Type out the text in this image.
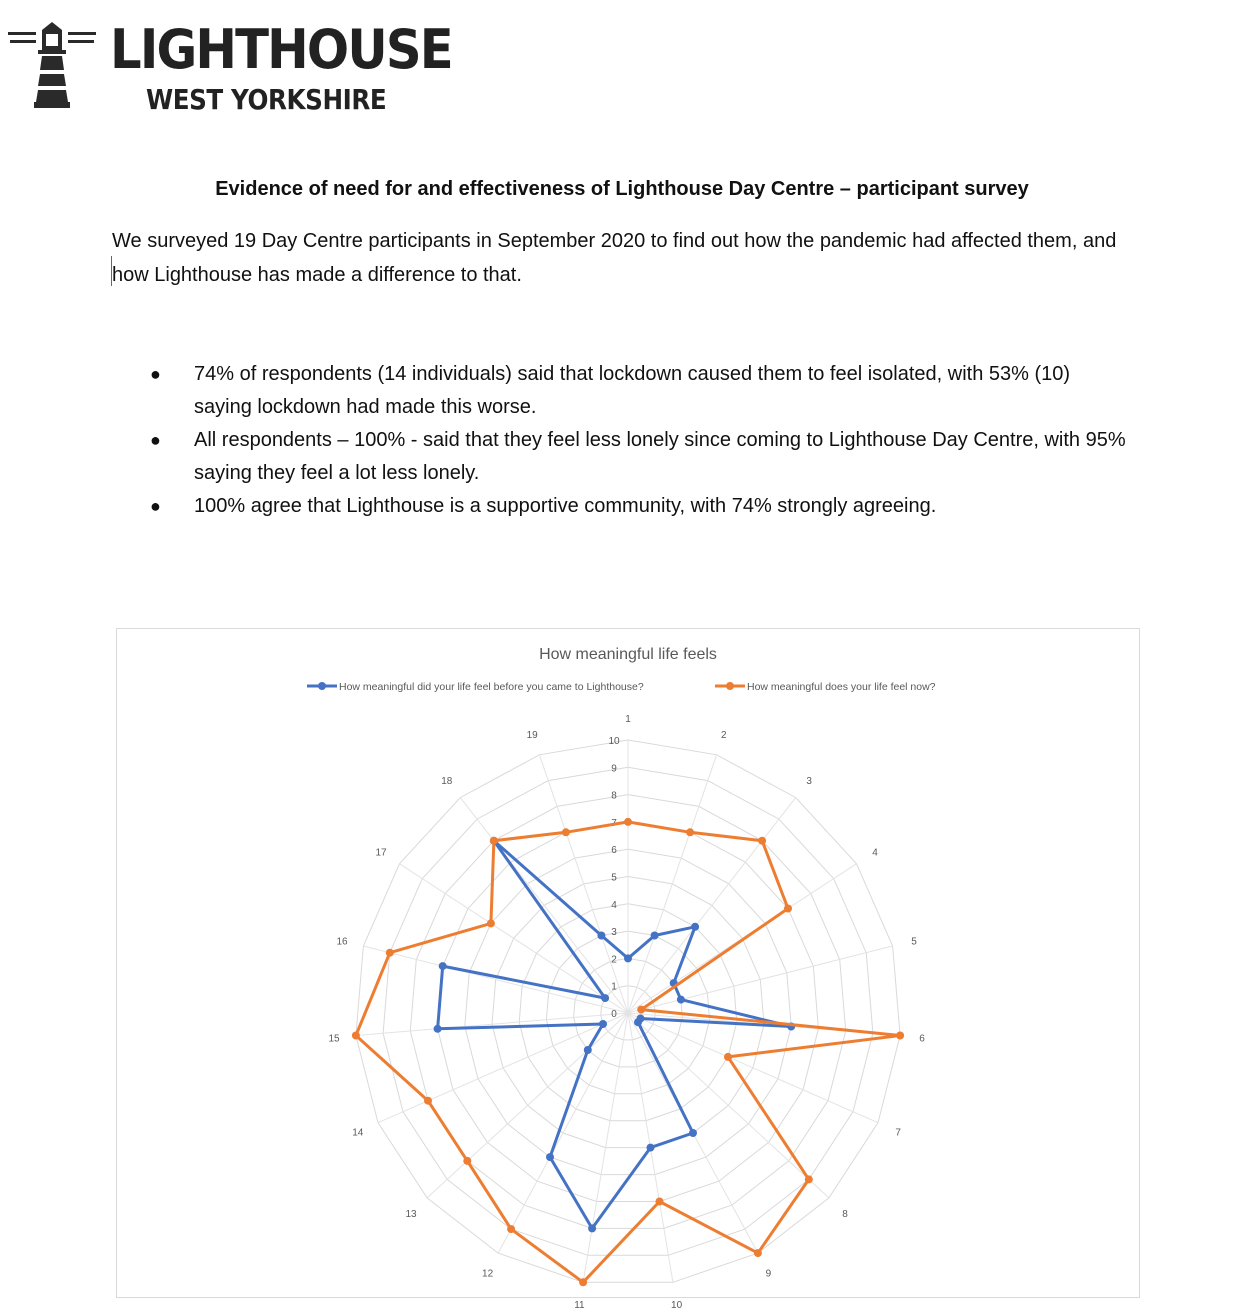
LIGHTHOUSE
WEST YORKSHIRE
Evidence of need for and effectiveness of Lighthouse Day Centre – participant survey
We surveyed 19 Day Centre participants in September 2020 to find out how the pandemic had affected them, and how Lighthouse has made a difference to that.
● 74% of respondents (14 individuals) said that lockdown caused them to feel isolated, with 53% (10) saying lockdown had made this worse.
● All respondents – 100% - said that they feel less lonely since coming to Lighthouse Day Centre, with 95% saying they feel a lot less lonely.
● 100% agree that Lighthouse is a supportive community, with 74% strongly agreeing.
How meaningful life feels
0
1
2
3
4
5
6
7
8
9
10
1
2
3
4
5
6
7
8
9
10
11
12
13
14
15
16
17
18
19
How meaningful did your life feel before you came to Lighthouse?	How meaningful does your life feel now?
